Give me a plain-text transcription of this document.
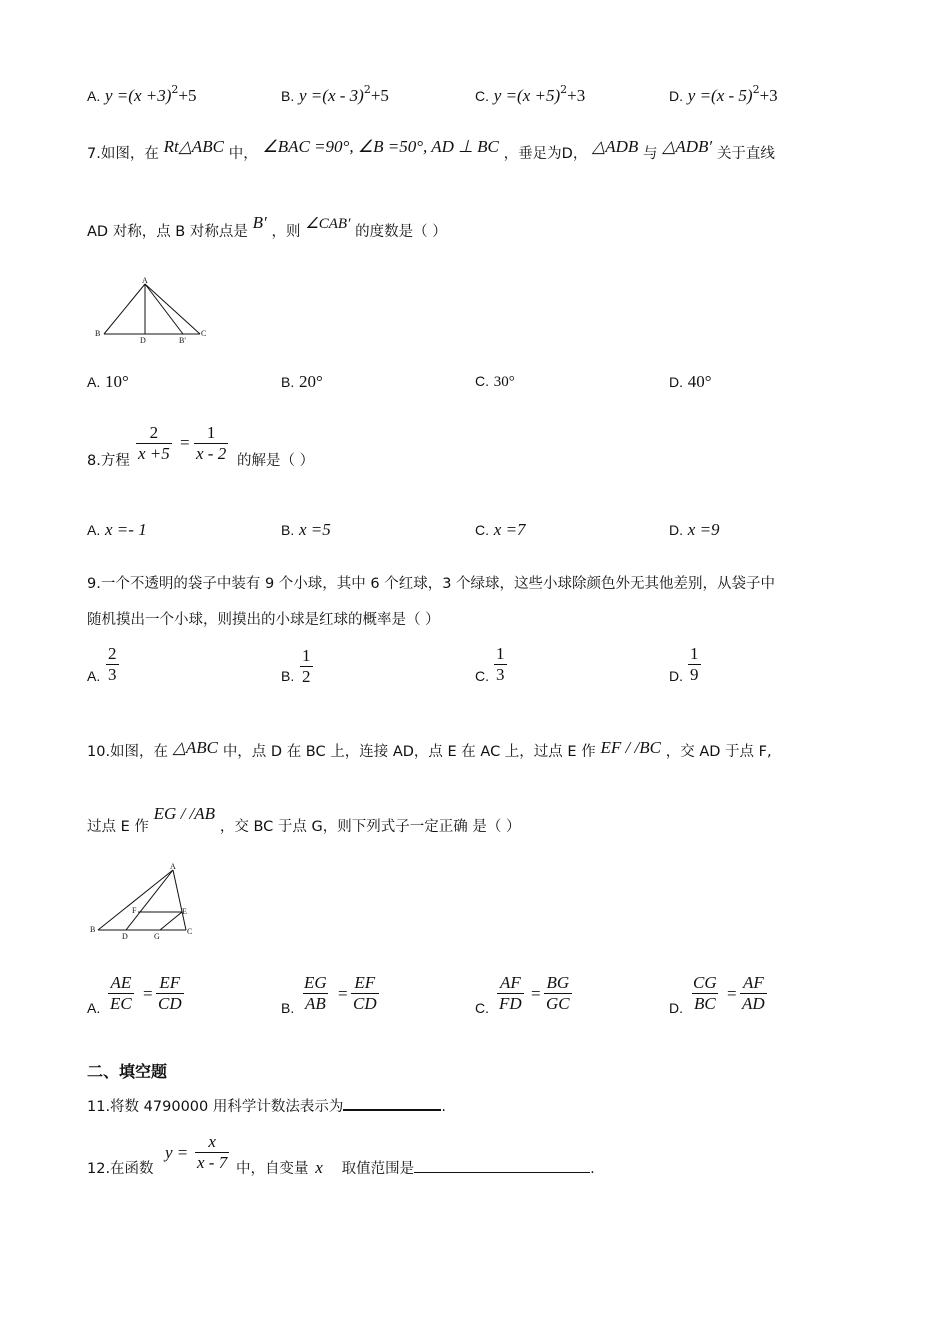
A. $y =(x +3)^2+5$	B. y =(x - 3)$^2$+5	C. $y =(x +5)^2+3$	D. y =(x - 5)$^2$+3
7.如图，在 Rt△ABC 中， ∠BAC =90°, ∠B =50°, AD ⊥ BC ，垂足为D， △ADB 与 △ADB′ 关于直线
AD 对称，点 B 对称点是 B′ ，则 ∠CAB′ 的度数是（ ）
A
B
D	B'
C
A. 10°	B. 20°	C. 30°	D. 40°
8.方程 $\frac{2}{x +5} = \frac{1}{x - 2}$ 的解是（ ）
A. x =- 1	B. x =5	C. x =7	D. x =9
9.一个不透明的袋子中装有 9 个小球，其中 6 个红球，3 个绿球，这些小球除颜色外无其他差别，从袋子中
随机摸出一个小球，则摸出的小球是红球的概率是（ ）
A. $\frac{2}{3}$	B. $\frac{1}{2}$	C. $\frac{1}{3}$	D. $\frac{1}{9}$
10.如图，在 △ABC 中，点 D 在 BC 上，连接 AD，点 E 在 AC 上，过点 E 作 EF / /BC ，交 AD 于点 F,
过点 E 作 EG / /AB ，交 BC 于点 G，则下列式子一定正确 是（ ）
A
B	C
D
E
F
G
A. $\frac{AE}{EC} = \frac{EF}{CD}$	B. $\frac{EG}{AB} = \frac{EF}{CD}$	C. $\frac{AF}{FD} = \frac{BG}{GC}$	D. $\frac{CG}{BC} = \frac{AF}{AD}$
二、填空题
11.将数 4790000 用科学计数法表示为	.
12.在函数
$y = \frac{x}{x - 7}$ 中，自变量 x 取值范围是	.
